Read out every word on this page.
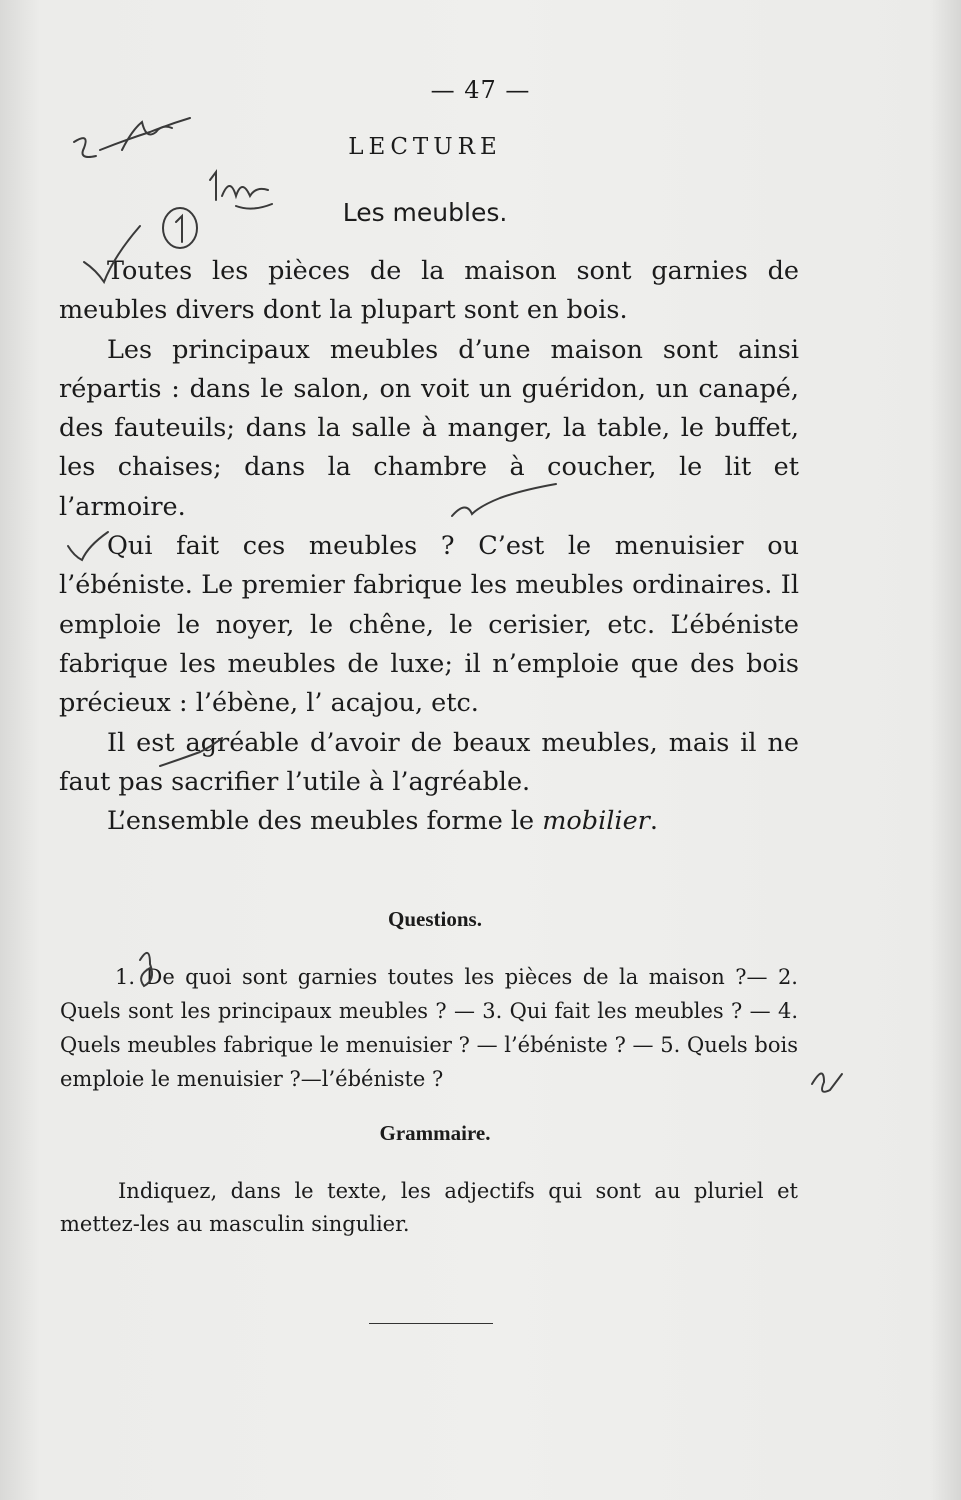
— 47 —
LECTURE
Les meubles.

Toutes les pièces de la maison sont garnies de meubles divers dont la plupart sont en bois.

Les principaux meubles d’une maison sont ainsi répartis : dans le salon, on voit un guéridon, un canapé, des fauteuils; dans la salle à manger, la table, le buffet, les chaises; dans la chambre à coucher, le lit et l’armoire.

Qui fait ces meubles ? C’est le menuisier ou l’ébéniste. Le premier fabrique les meubles ordinaires. Il emploie le noyer, le chêne, le cerisier, etc. L’ébéniste fabrique les meubles de luxe; il n’emploie que des bois précieux : l’ébène, l’ acajou, etc.

Il est agréable d’avoir de beaux meubles, mais il ne faut pas sacrifier l’utile à l’agréable.

L’ensemble des meubles forme le mobilier.

Questions.

1. De quoi sont garnies toutes les pièces de la maison ?— 2. Quels sont les principaux meubles ? — 3. Qui fait les meubles ? — 4. Quels meubles fabrique le menuisier ? — l’ébéniste ? — 5. Quels bois emploie le menuisier ?—l’ébéniste ?

Grammaire.

Indiquez, dans le texte, les adjectifs qui sont au pluriel et mettez-les au masculin singulier.
